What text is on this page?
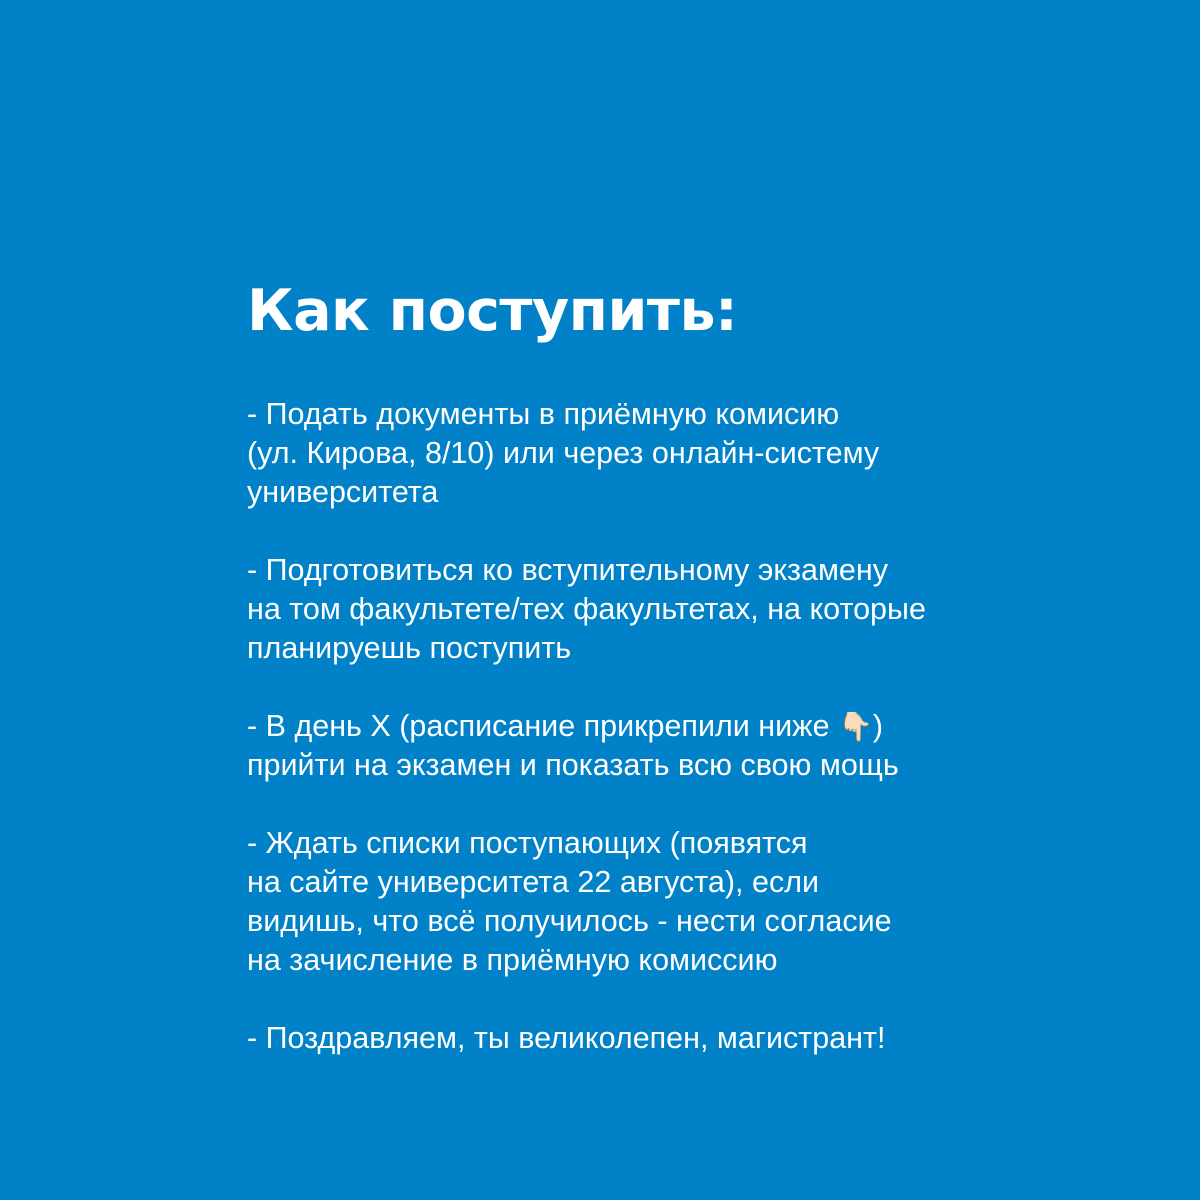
Как поступить:

- Подать документы в приёмную комисию
(ул. Кирова, 8/10) или через онлайн-систему
университета

- Подготовиться ко вступительному экзамену
на том факультете/тех факультетах, на которые
планируешь поступить

- В день X (расписание прикрепили ниже 👇🏻)
прийти на экзамен и показать всю свою мощь

- Ждать списки поступающих (появятся
на сайте университета 22 августа), если
видишь, что всё получилось - нести согласие
на зачисление в приёмную комиссию

- Поздравляем, ты великолепен, магистрант!
